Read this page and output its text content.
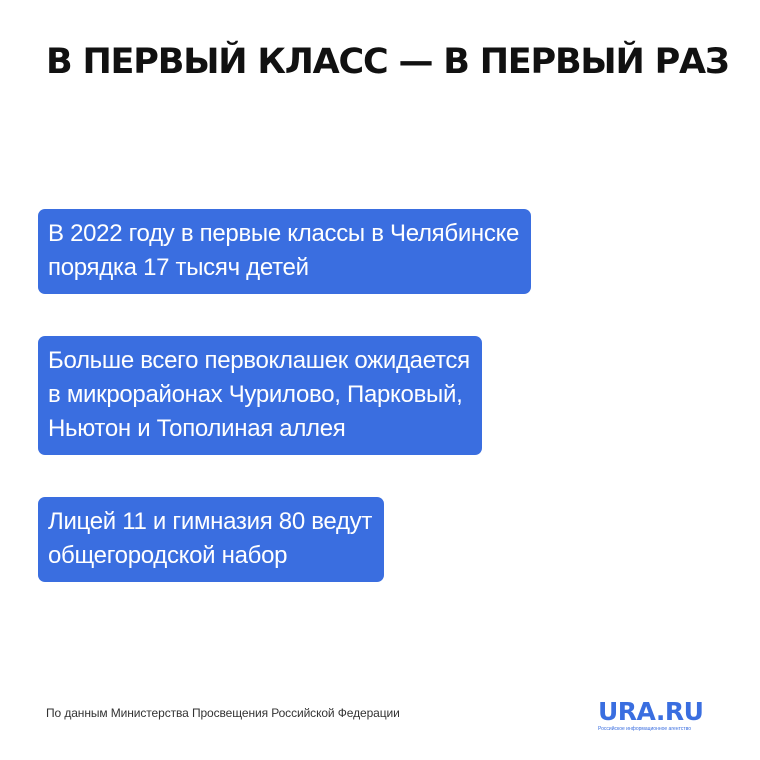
В ПЕРВЫЙ КЛАСС — В ПЕРВЫЙ РАЗ
В 2022 году в первые классы в Челябинске
порядка 17 тысяч детей
Больше всего первоклашек ожидается
в микрорайонах Чурилово, Парковый,
Ньютон и Тополиная аллея
Лицей 11 и гимназия 80 ведут
общегородской набор
По данным Министерства Просвещения Российской Федерации	URA.RU
Российское информационное агентство
